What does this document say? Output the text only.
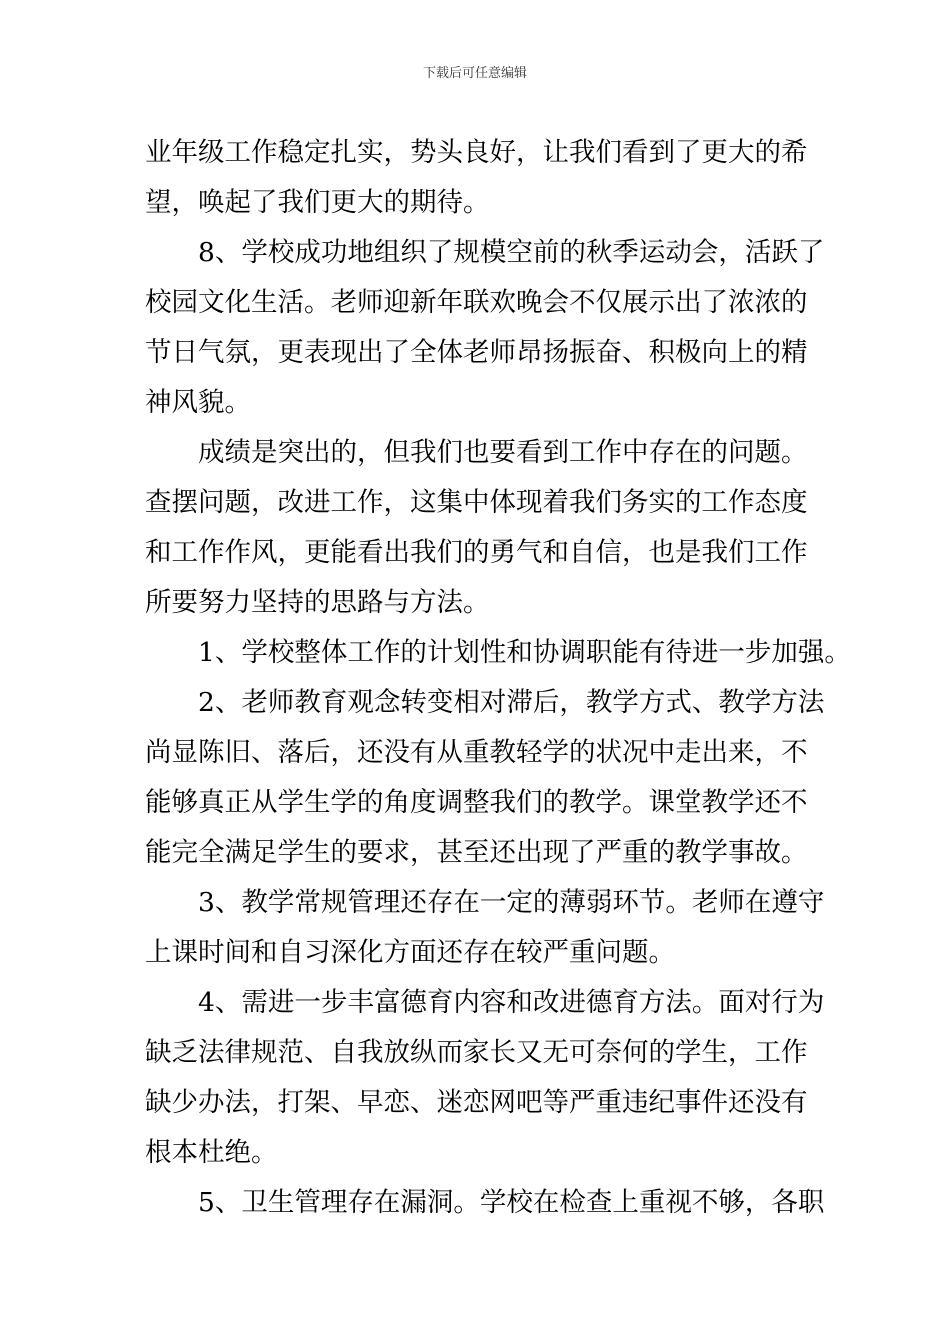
下载后可任意编辑
业年级工作稳定扎实，势头良好，让我们看到了更大的希
望，唤起了我们更大的期待。
8、学校成功地组织了规模空前的秋季运动会，活跃了
校园文化生活。老师迎新年联欢晚会不仅展示出了浓浓的
节日气氛，更表现出了全体老师昂扬振奋、积极向上的精
神风貌。
成绩是突出的，但我们也要看到工作中存在的问题。
查摆问题，改进工作，这集中体现着我们务实的工作态度
和工作作风，更能看出我们的勇气和自信，也是我们工作
所要努力坚持的思路与方法。
1、学校整体工作的计划性和协调职能有待进一步加强。
2、老师教育观念转变相对滞后，教学方式、教学方法
尚显陈旧、落后，还没有从重教轻学的状况中走出来，不
能够真正从学生学的角度调整我们的教学。课堂教学还不
能完全满足学生的要求，甚至还出现了严重的教学事故。
3、教学常规管理还存在一定的薄弱环节。老师在遵守
上课时间和自习深化方面还存在较严重问题。
4、需进一步丰富德育内容和改进德育方法。面对行为
缺乏法律规范、自我放纵而家长又无可奈何的学生，工作
缺少办法，打架、早恋、迷恋网吧等严重违纪事件还没有
根本杜绝。
5、卫生管理存在漏洞。学校在检查上重视不够，各职
